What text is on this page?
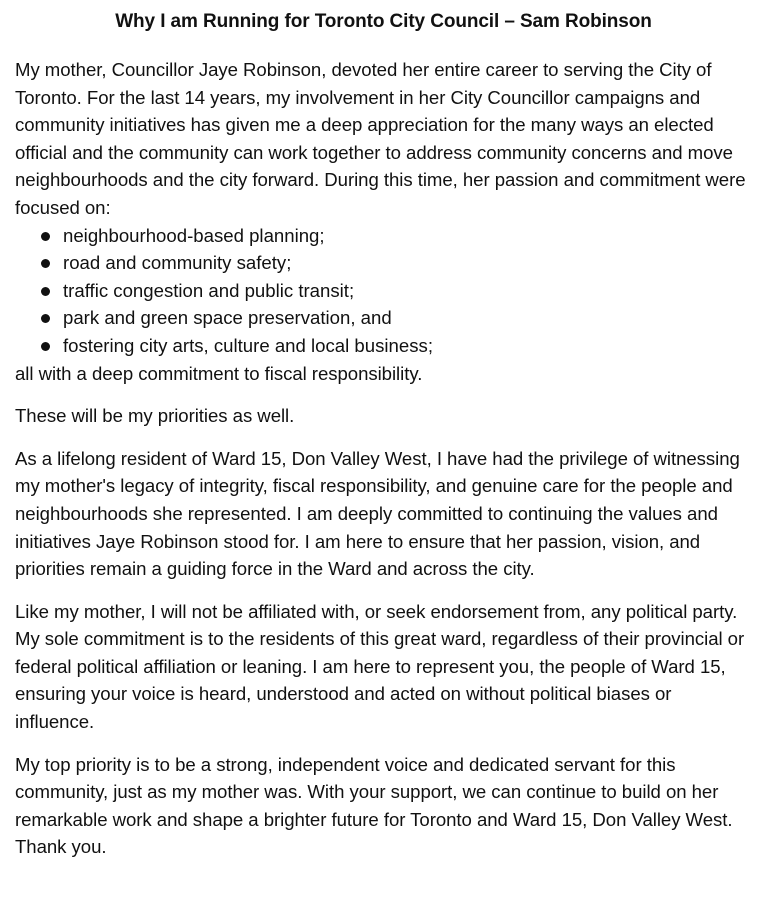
Why I am Running for Toronto City Council – Sam Robinson

My mother, Councillor Jaye Robinson, devoted her entire career to serving the City of Toronto. For the last 14 years, my involvement in her City Councillor campaigns and community initiatives has given me a deep appreciation for the many ways an elected official and the community can work together to address community concerns and move neighbourhoods and the city forward. During this time, her passion and commitment were focused on:

neighbourhood-based planning;
road and community safety;
traffic congestion and public transit;
park and green space preservation, and
fostering city arts, culture and local business;

all with a deep commitment to fiscal responsibility.

These will be my priorities as well.

As a lifelong resident of Ward 15, Don Valley West, I have had the privilege of witnessing my mother's legacy of integrity, fiscal responsibility, and genuine care for the people and neighbourhoods she represented. I am deeply committed to continuing the values and initiatives Jaye Robinson stood for. I am here to ensure that her passion, vision, and priorities remain a guiding force in the Ward and across the city.

Like my mother, I will not be affiliated with, or seek endorsement from, any political party. My sole commitment is to the residents of this great ward, regardless of their provincial or federal political affiliation or leaning. I am here to represent you, the people of Ward 15, ensuring your voice is heard, understood and acted on without political biases or influence.

My top priority is to be a strong, independent voice and dedicated servant for this community, just as my mother was. With your support, we can continue to build on her remarkable work and shape a brighter future for Toronto and Ward 15, Don Valley West. Thank you.
